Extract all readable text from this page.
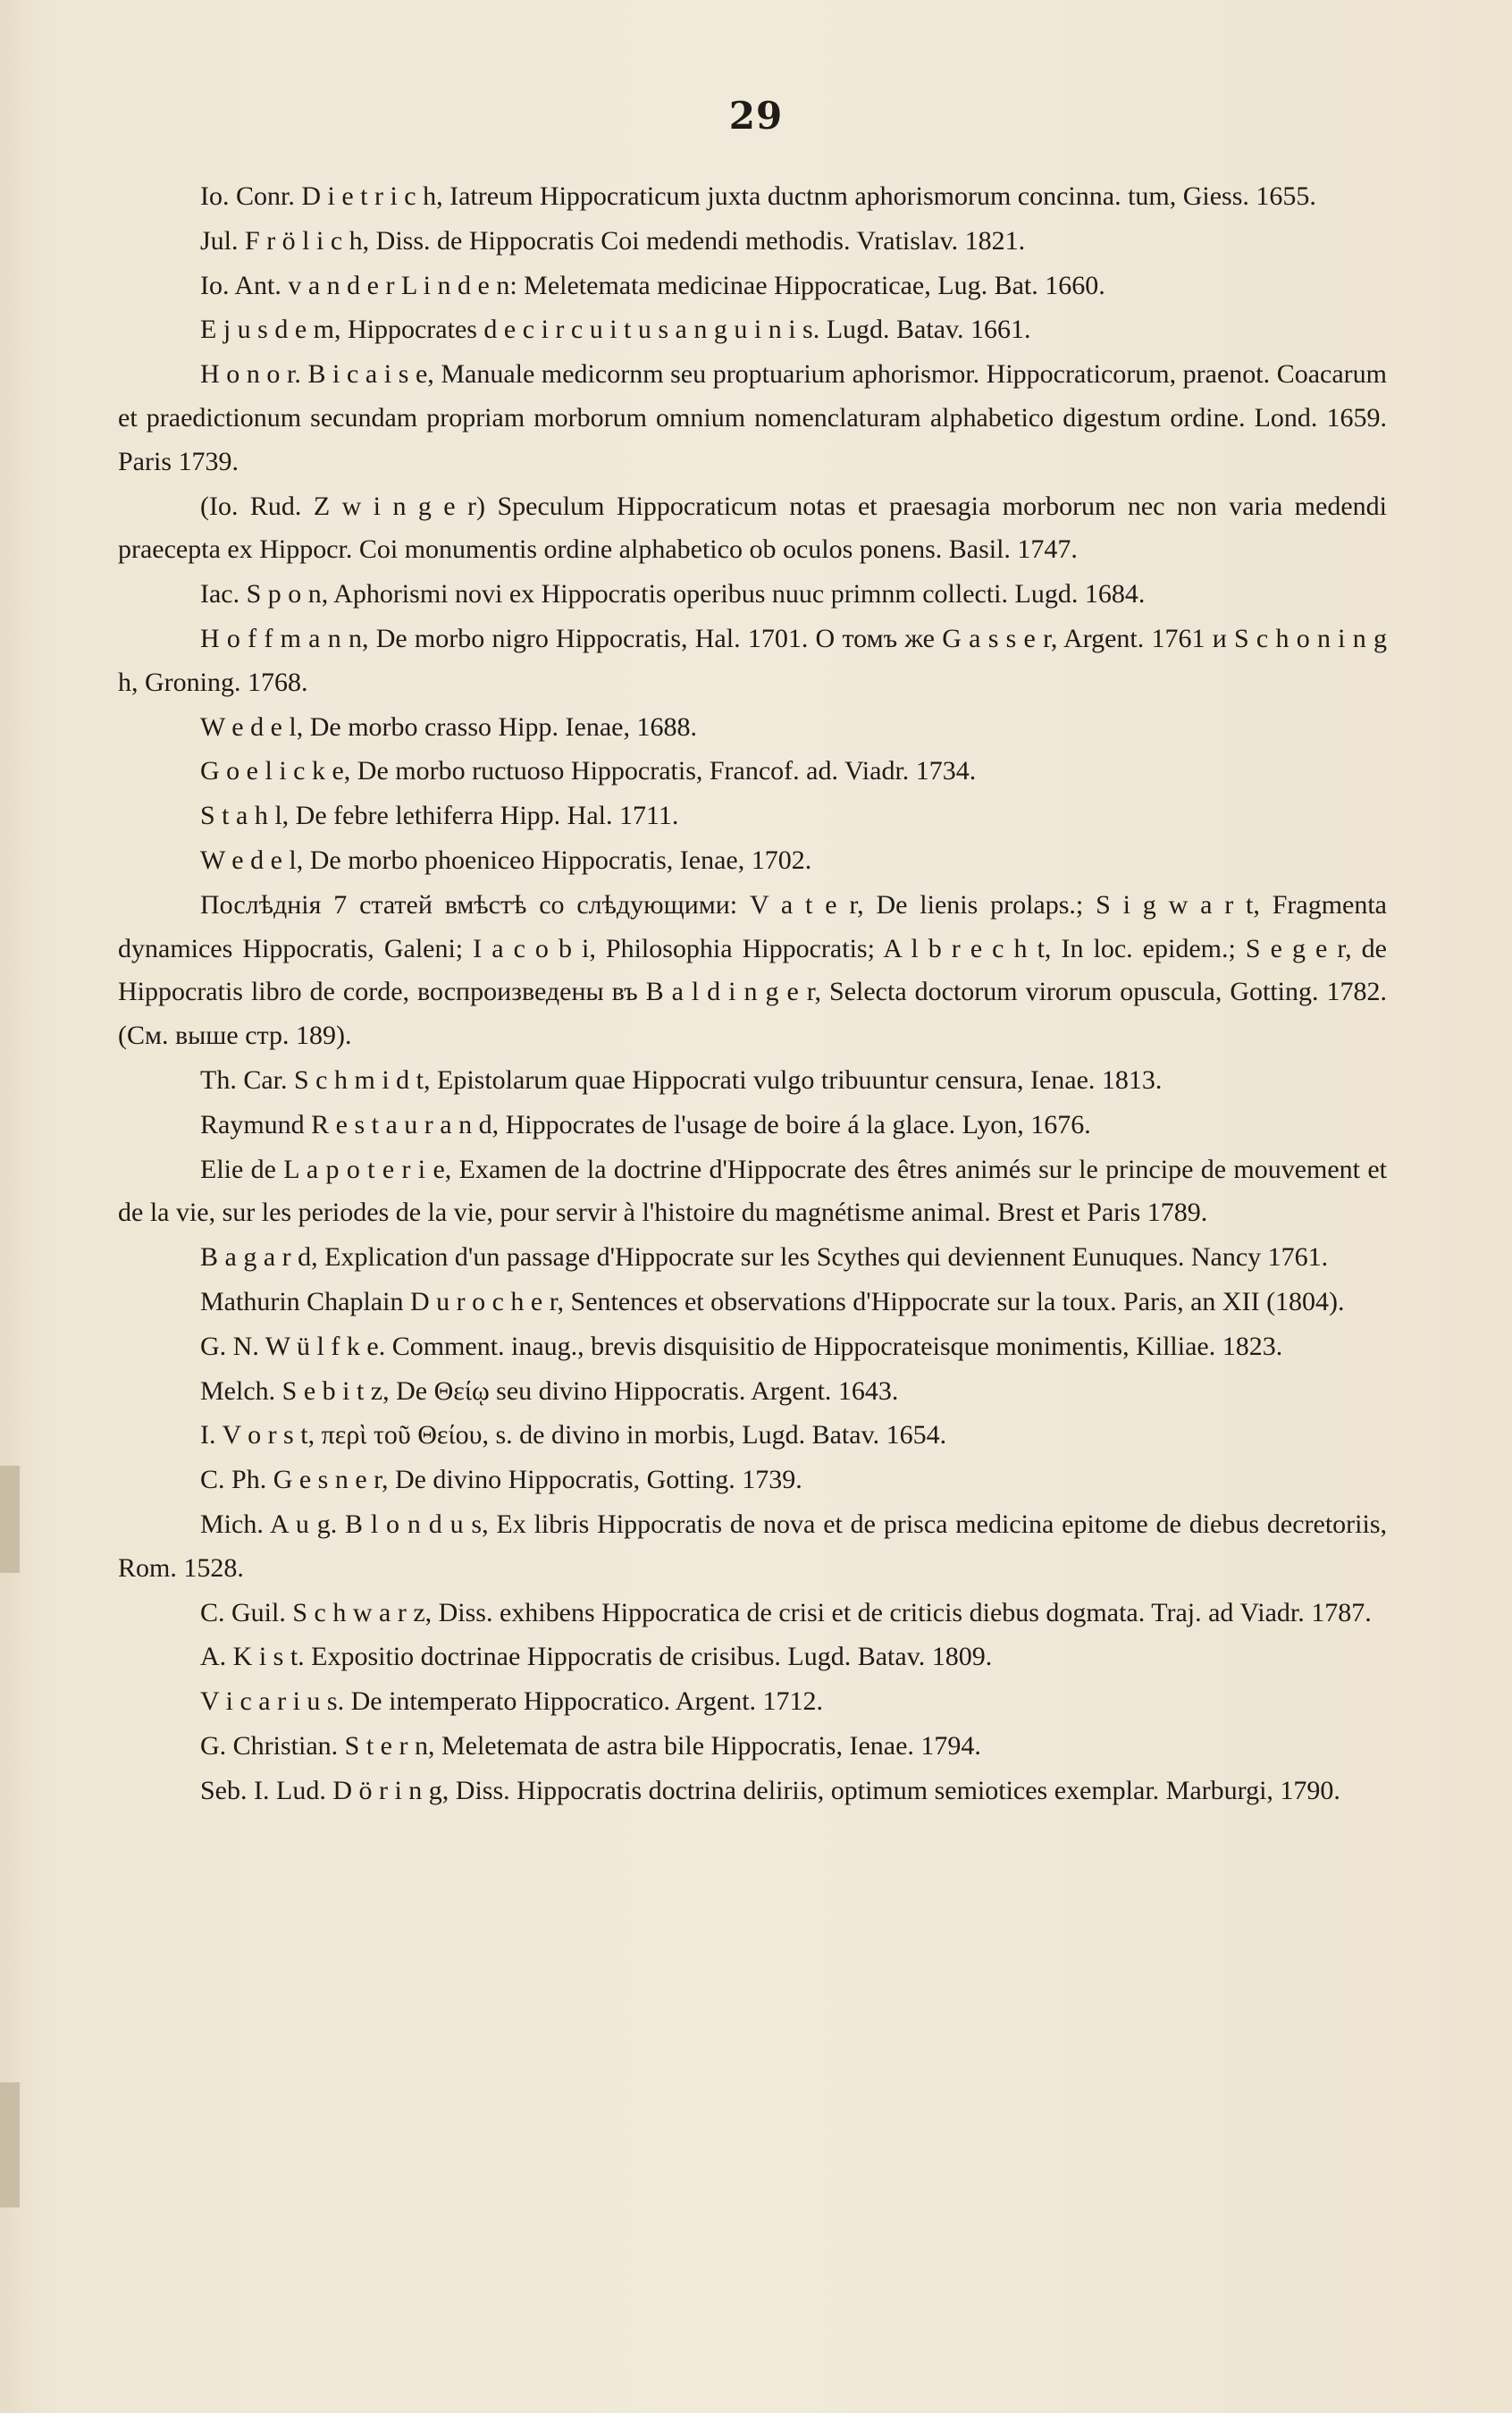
29

Io. Conr. D i e t r i c h, Iatreum Hippocraticum juxta ductnm aphorismorum concinna. tum, Giess. 1655.

Jul. F r ö l i c h, Diss. de Hippocratis Coi medendi methodis. Vratislav. 1821.

Io. Ant. v a n d e r L i n d e n: Meletemata medicinae Hippocraticae, Lug. Bat. 1660.

E j u s d e m, Hippocrates d e c i r c u i t u s a n g u i n i s. Lugd. Batav. 1661.

H o n o r. B i c a i s e, Manuale medicornm seu proptuarium aphorismor. Hippocraticorum, praenot. Coacarum et praedictionum secundam propriam morborum omnium nomenclaturam alphabetico digestum ordine. Lond. 1659. Paris 1739.

(Io. Rud. Z w i n g e r) Speculum Hippocraticum notas et praesagia morborum nec non varia medendi praecepta ex Hippocr. Coi monumentis ordine alphabetico ob oculos ponens. Basil. 1747.

Iac. S p o n, Aphorismi novi ex Hippocratis operibus nuuc primnm collecti. Lugd. 1684.

H o f f m a n n, De morbo nigro Hippocratis, Hal. 1701. О томъ же G a s s e r, Argent. 1761 и S c h o n i n g h, Groning. 1768.

W e d e l, De morbo crasso Hipp. Ienae, 1688.

G o e l i c k e, De morbo ructuoso Hippocratis, Francof. ad. Viadr. 1734.

S t a h l, De febre lethiferra Hipp. Hal. 1711.

W e d e l, De morbo phoeniceo Hippocratis, Ienae, 1702.

Послѣднія 7 статей вмѣстѣ со слѣдующими: V a t e r, De lienis prolaps.; S i g w a r t, Fragmenta dynamices Hippocratis, Galeni; I a c o b i, Philosophia Hippocratis; A l b r e c h t, In loc. epidem.; S e g e r, de Hippocratis libro de corde, воспроизведены въ B a l d i n g e r, Selecta doctorum virorum opuscula, Gotting. 1782. (См. выше стр. 189).

Th. Car. S c h m i d t, Epistolarum quae Hippocrati vulgo tribuuntur censura, Ienae. 1813.

Raymund R e s t a u r a n d, Hippocrates de l'usage de boire á la glace. Lyon, 1676.

Elie de L a p o t e r i e, Examen de la doctrine d'Hippocrate des êtres animés sur le principe de mouvement et de la vie, sur les periodes de la vie, pour servir à l'histoire du magnétisme animal. Brest et Paris 1789.

B a g a r d, Explication d'un passage d'Hippocrate sur les Scythes qui deviennent Eunuques. Nancy 1761.

Mathurin Chaplain D u r o c h e r, Sentences et observations d'Hippocrate sur la toux. Paris, an XII (1804).

G. N. W ü l f k e. Comment. inaug., brevis disquisitio de Hippocrateisque monimentis, Killiae. 1823.

Melch. S e b i t z, De Θείῳ seu divino Hippocratis. Argent. 1643.

I. V o r s t, περὶ τοῦ Θείου, s. de divino in morbis, Lugd. Batav. 1654.

C. Ph. G e s n e r, De divino Hippocratis, Gotting. 1739.

Mich. A u g. B l o n d u s, Ex libris Hippocratis de nova et de prisca medicina epitome de diebus decretoriis, Rom. 1528.

C. Guil. S c h w a r z, Diss. exhibens Hippocratica de crisi et de criticis diebus dogmata. Traj. ad Viadr. 1787.

A. K i s t. Expositio doctrinae Hippocratis de crisibus. Lugd. Batav. 1809.

V i c a r i u s. De intemperato Hippocratico. Argent. 1712.

G. Christian. S t e r n, Meletemata de astra bile Hippocratis, Ienae. 1794.

Seb. I. Lud. D ö r i n g, Diss. Hippocratis doctrina deliriis, optimum semiotices exemplar. Marburgi, 1790.
